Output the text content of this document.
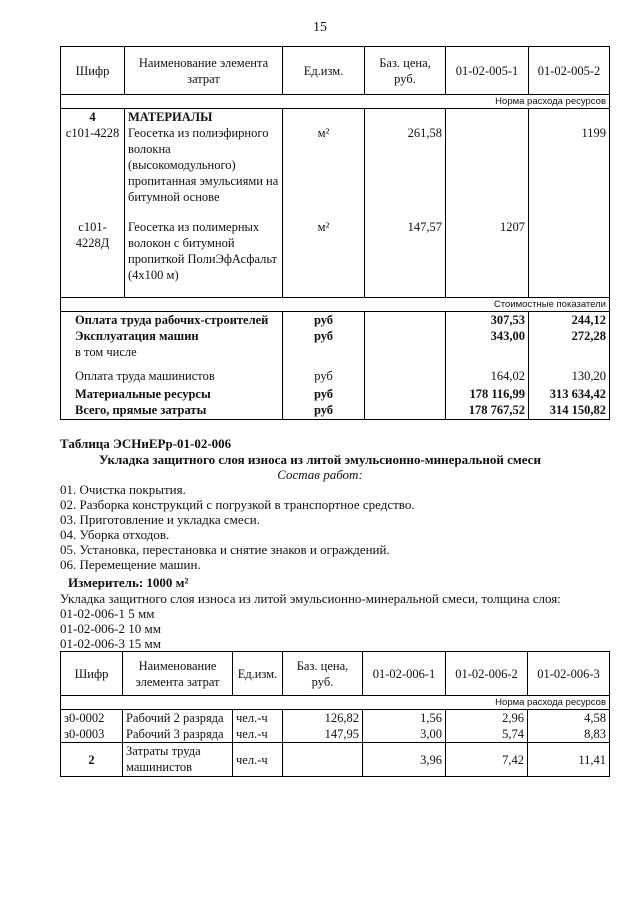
15
Шифр	Наименование элемента затрат	Ед.изм.	Баз. цена, руб.	01-02-005-1	01-02-005-2
Норма расхода ресурсов					
4	МАТЕРИАЛЫ				
с101-4228	Геосетка из полиэфирного волокна (высокомодульного) пропитанная эмульсиями на битумной основе	м²	261,58		1199
с101-4228Д	Геосетка из полимерных волокон с битумной пропиткой ПолиЭфАсфальт (4х100 м)	м²	147,57	1207	
Стоимостные показатели					
Оплата труда рабочих-строителей		руб		307,53	244,12
Эксплуатация машин		руб		343,00	272,28
в том числе					
Оплата труда машинистов		руб		164,02	130,20
Материальные ресурсы		руб		178 116,99	313 634,42
Всего, прямые затраты		руб		178 767,52	314 150,82
Таблица ЭСНиЕРр-01-02-006
Укладка защитного слоя износа из литой эмульсионно-минеральной смеси
Состав работ:
01. Очистка покрытия.
02. Разборка конструкций с погрузкой в транспортное средство.
03. Приготовление и укладка смеси.
04. Уборка отходов.
05. Установка, перестановка и снятие знаков и ограждений.
06. Перемещение машин.
Измеритель: 1000 м²
Укладка защитного слоя износа из литой эмульсионно-минеральной смеси, толщина слоя:
01-02-006-1 5 мм
01-02-006-2 10 мм
01-02-006-3 15 мм
Шифр	Наименование элемента затрат	Ед.изм.	Баз. цена, руб.	01-02-006-1	01-02-006-2	01-02-006-3
Норма расхода ресурсов						
з0-0002	Рабочий 2 разряда	чел.-ч	126,82	1,56	2,96	4,58
з0-0003	Рабочий 3 разряда	чел.-ч	147,95	3,00	5,74	8,83
2	Затраты труда машинистов	чел.-ч		3,96	7,42	11,41
